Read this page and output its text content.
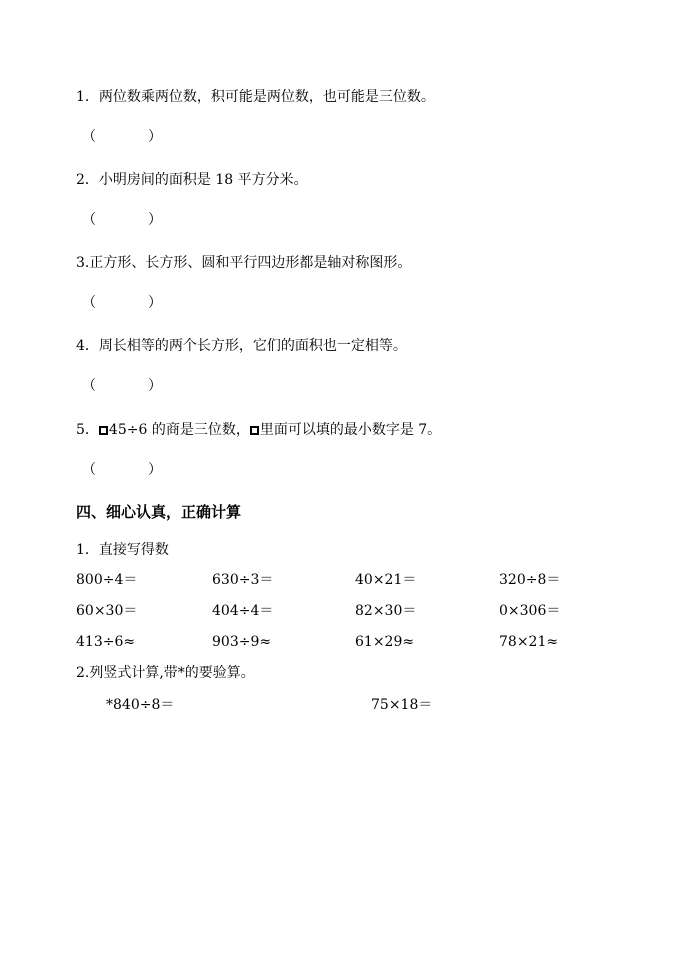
1．两位数乘两位数，积可能是两位数，也可能是三位数。
（	）
2．小明房间的面积是 18 平方分米。
（	）
3.正方形、长方形、圆和平行四边形都是轴对称图形。
（	）
4．周长相等的两个长方形，它们的面积也一定相等。
（	）
5． 45÷6 的商是三位数， 里面可以填的最小数字是 7。
（	）
四、细心认真，正确计算
1．直接写得数
800÷4＝	630÷3＝	40×21＝	320÷8＝
60×30＝	404÷4＝	82×30＝	0×306＝
413÷6≈	903÷9≈	61×29≈	78×21≈
2.列竖式计算,带*的要验算。
*840÷8＝	75×18＝
